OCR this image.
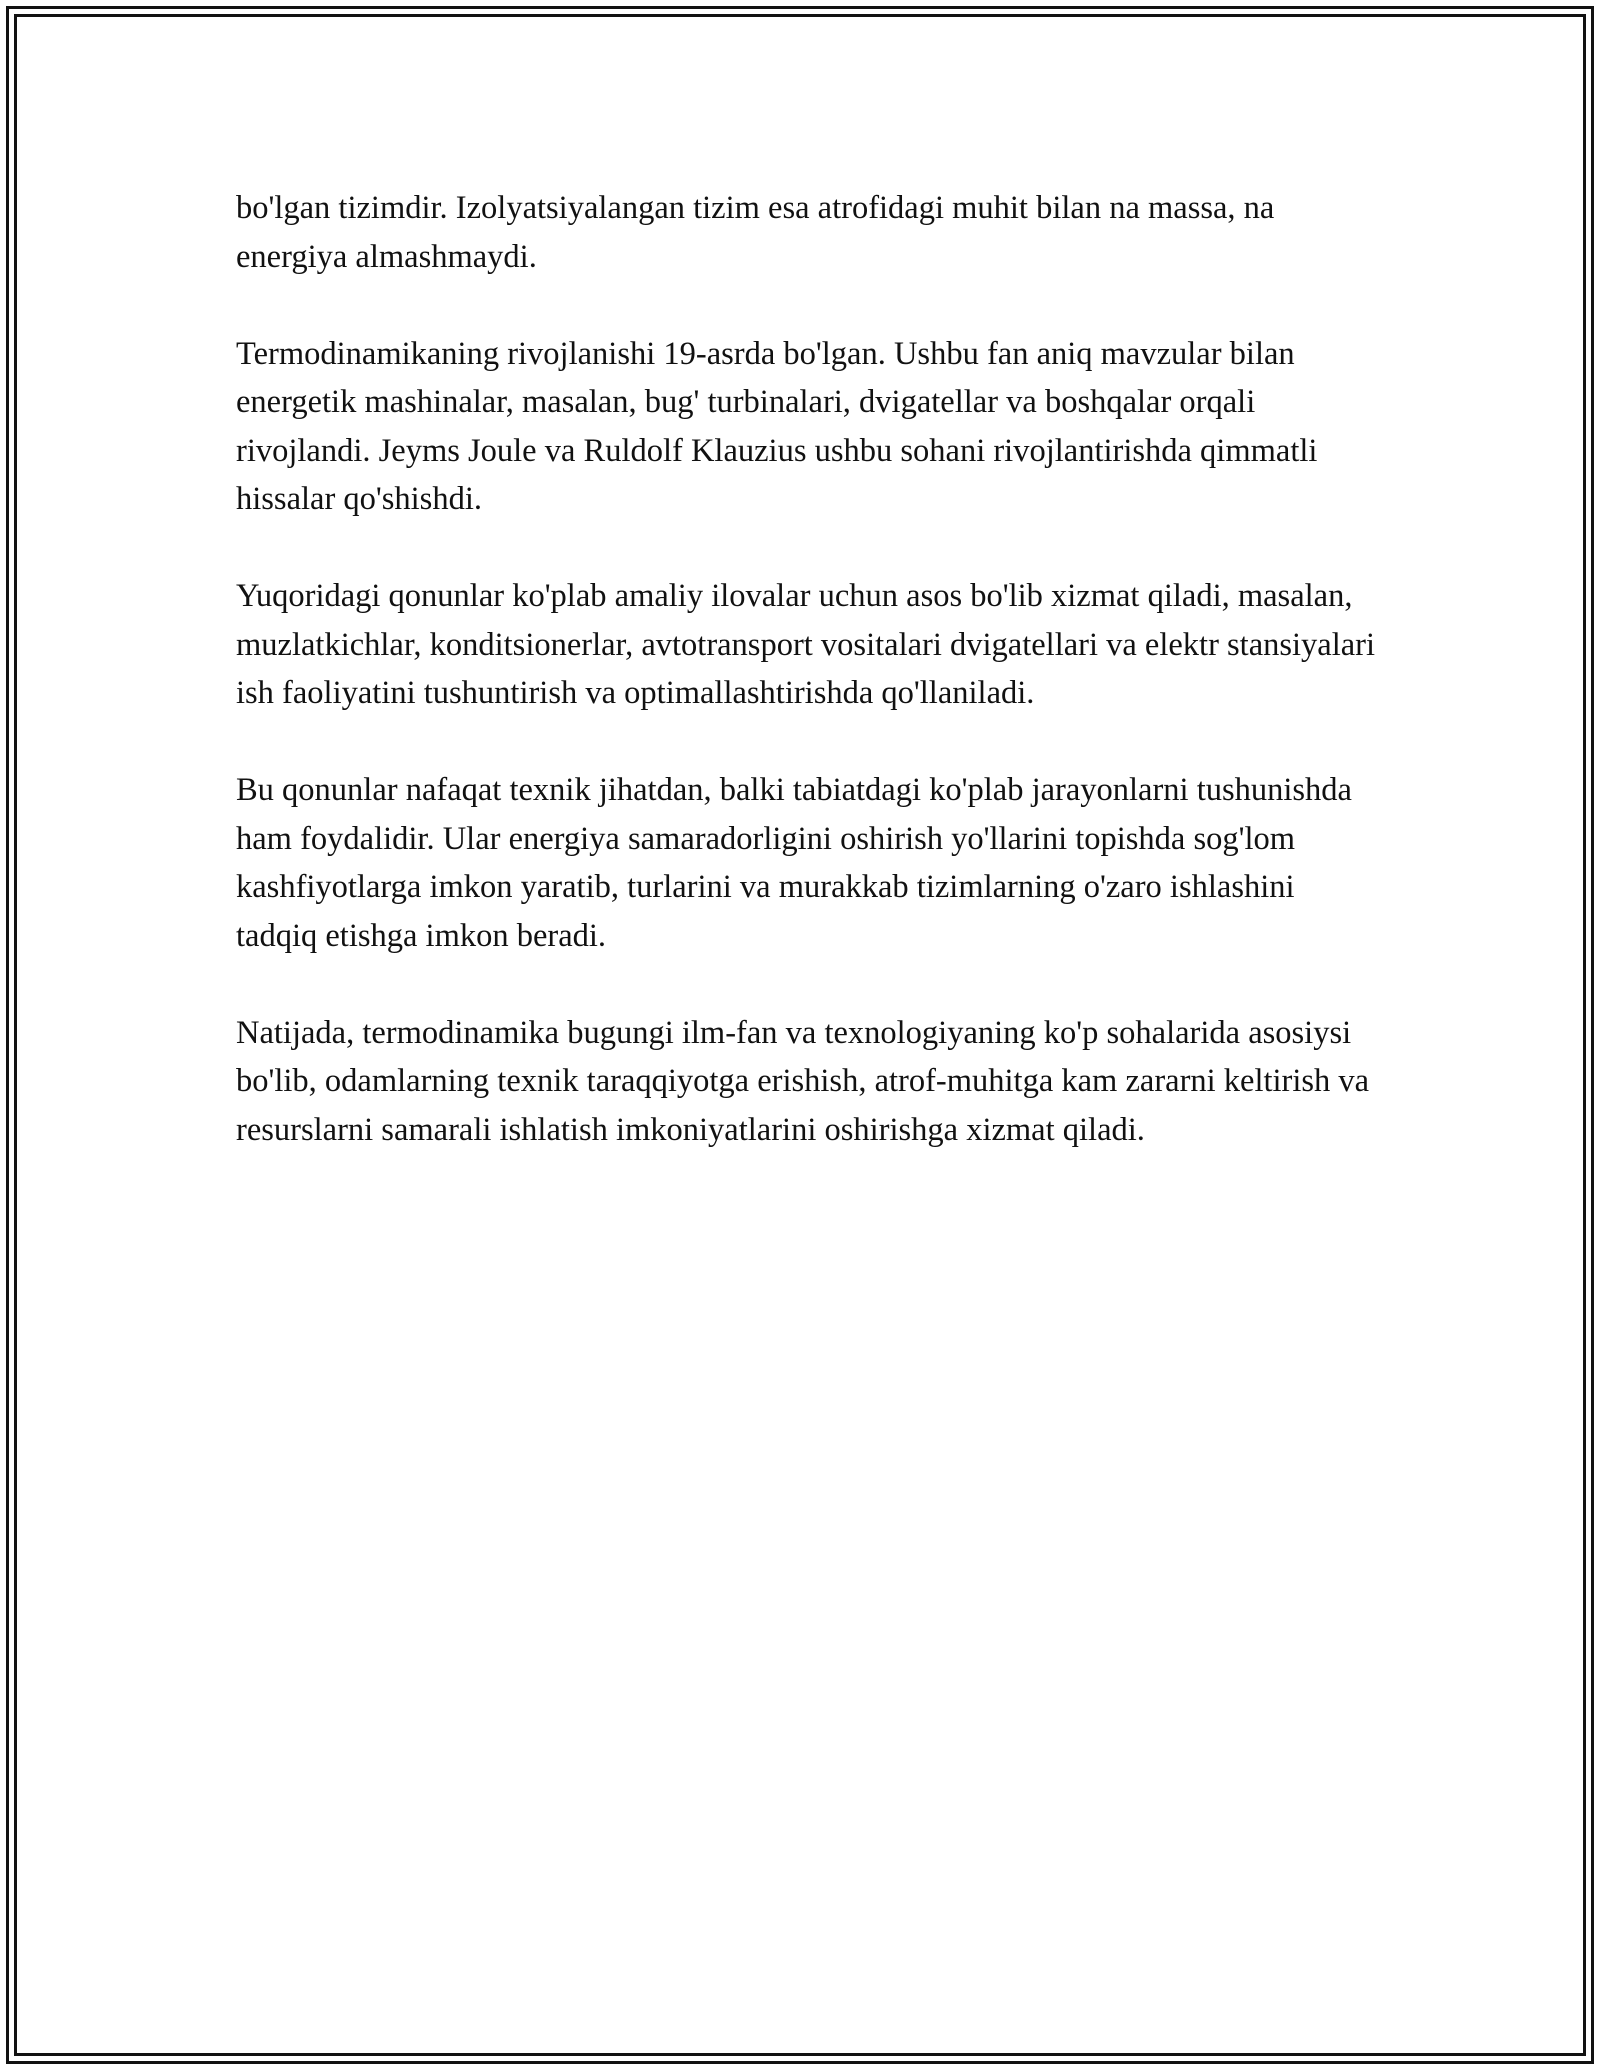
bo'lgan tizimdir. Izolyatsiyalangan tizim esa atrofidagi muhit bilan na massa, na energiya almashmaydi.

Termodinamikaning rivojlanishi 19-asrda bo'lgan. Ushbu fan aniq mavzular bilan energetik mashinalar, masalan, bug' turbinalari, dvigatellar va boshqalar orqali rivojlandi. Jeyms Joule va Ruldolf Klauzius ushbu sohani rivojlantirishda qimmatli hissalar qo'shishdi.

Yuqoridagi qonunlar ko'plab amaliy ilovalar uchun asos bo'lib xizmat qiladi, masalan, muzlatkichlar, konditsionerlar, avtotransport vositalari dvigatellari va elektr stansiyalari ish faoliyatini tushuntirish va optimallashtirishda qo'llaniladi.

Bu qonunlar nafaqat texnik jihatdan, balki tabiatdagi ko'plab jarayonlarni tushunishda ham foydalidir. Ular energiya samaradorligini oshirish yo'llarini topishda sog'lom kashfiyotlarga imkon yaratib, turlarini va murakkab tizimlarning o'zaro ishlashini tadqiq etishga imkon beradi.

Natijada, termodinamika bugungi ilm-fan va texnologiyaning ko'p sohalarida asosiysi bo'lib, odamlarning texnik taraqqiyotga erishish, atrof-muhitga kam zararni keltirish va resurslarni samarali ishlatish imkoniyatlarini oshirishga xizmat qiladi.
